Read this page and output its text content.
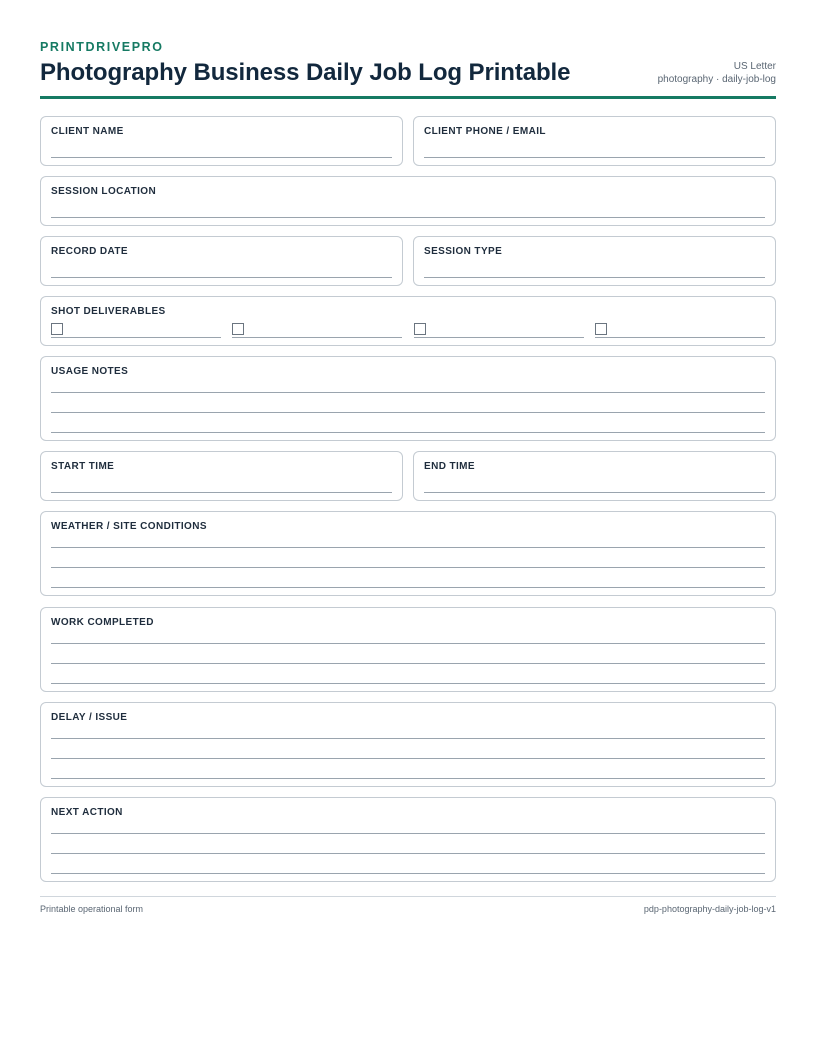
PRINTDRIVEPRO
Photography Business Daily Job Log Printable	US Letter
photography · daily-job-log
CLIENT NAME	CLIENT PHONE / EMAIL
SESSION LOCATION
RECORD DATE	SESSION TYPE
SHOT DELIVERABLES
USAGE NOTES
START TIME	END TIME
WEATHER / SITE CONDITIONS
WORK COMPLETED
DELAY / ISSUE
NEXT ACTION
Printable operational form	pdp-photography-daily-job-log-v1
